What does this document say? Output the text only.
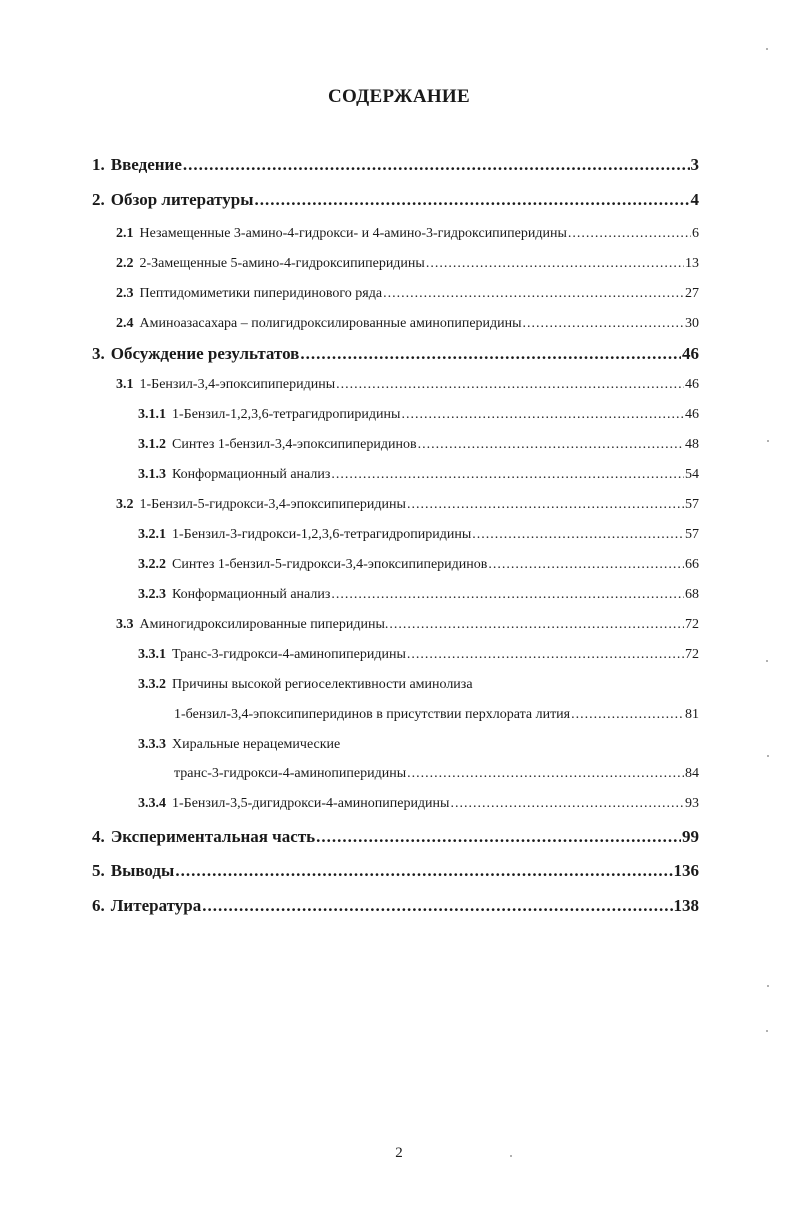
СОДЕРЖАНИЕ
1. Введение .....	3
2. Обзор литературы .....	4
2.1 Незамещенные 3-амино-4-гидрокси- и 4-амино-3-гидроксипиперидины .....	6
2.2 2-Замещенные 5-амино-4-гидроксипиперидины .....	13
2.3 Пептидомиметики пиперидинового ряда .....	27
2.4 Аминоазасахара – полигидроксилированные аминопиперидины .....	30
3. Обсуждение результатов .....	46
3.1 1-Бензил-3,4-эпоксипиперидины .....	46
3.1.1 1-Бензил-1,2,3,6-тетрагидропиридины .....	46
3.1.2 Синтез 1-бензил-3,4-эпоксипиперидинов .....	48
3.1.3 Конформационный анализ .....	54
3.2 1-Бензил-5-гидрокси-3,4-эпоксипиперидины .....	57
3.2.1 1-Бензил-3-гидрокси-1,2,3,6-тетрагидропиридины .....	57
3.2.2 Синтез 1-бензил-5-гидрокси-3,4-эпоксипиперидинов .....	66
3.2.3 Конформационный анализ .....	68
3.3 Аминогидроксилированные пиперидины. .....	72
3.3.1 Транс-3-гидрокси-4-аминопиперидины .....	72
3.3.2 Причины высокой региоселективности аминолиза
1-бензил-3,4-эпоксипиперидинов в присутствии перхлората лития .....	81
3.3.3 Хиральные нерацемические
транс-3-гидрокси-4-аминопиперидины .....	84
3.3.4 1-Бензил-3,5-дигидрокси-4-аминопиперидины .....	93
4. Экспериментальная часть .....	99
5. Выводы .....	136
6. Литература .....	138
2
